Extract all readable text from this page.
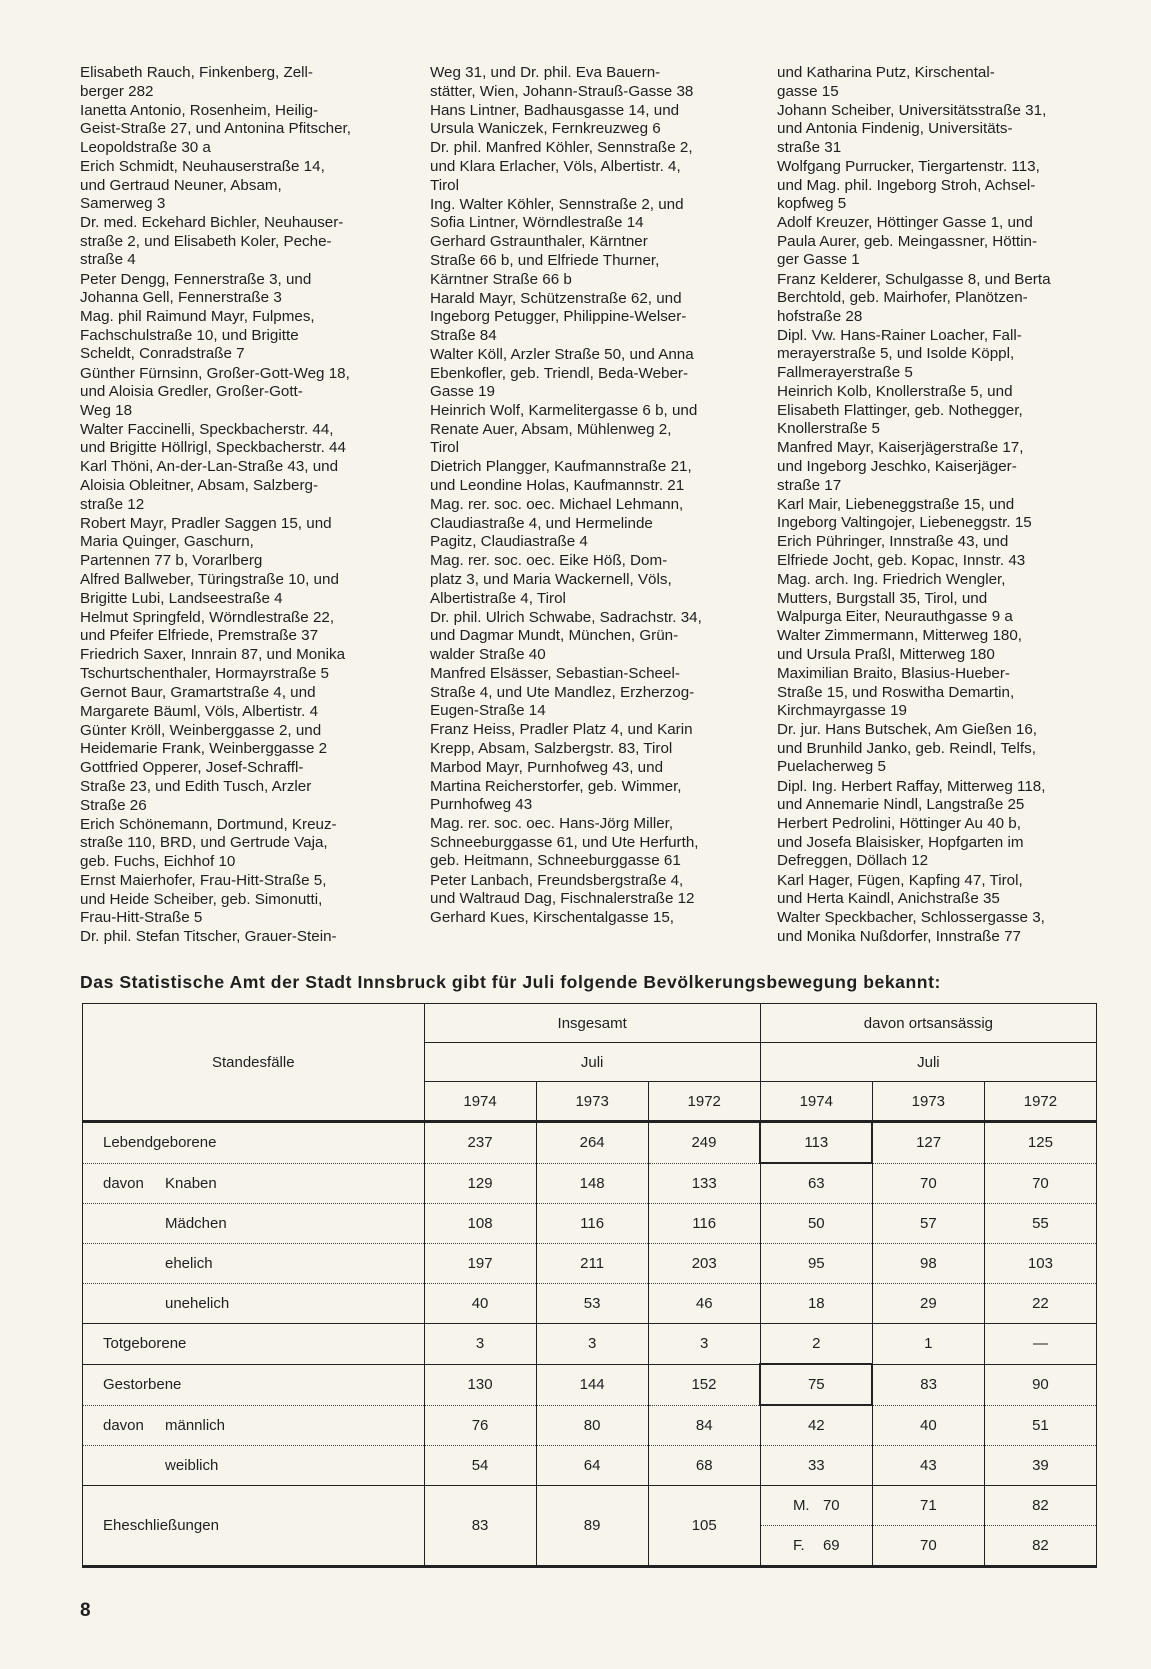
Elisabeth Rauch, Finkenberg, Zell-
berger 282

Ianetta Antonio, Rosenheim, Heilig-
Geist-Straße 27, und Antonina Pfitscher,
Leopoldstraße 30 a

Erich Schmidt, Neuhauserstraße 14,
und Gertraud Neuner, Absam,
Samerweg 3

Dr. med. Eckehard Bichler, Neuhauser-
straße 2, und Elisabeth Koler, Peche-
straße 4

Peter Dengg, Fennerstraße 3, und
Johanna Gell, Fennerstraße 3

Mag. phil Raimund Mayr, Fulpmes,
Fachschulstraße 10, und Brigitte
Scheldt, Conradstraße 7

Günther Fürnsinn, Großer-Gott-Weg 18,
und Aloisia Gredler, Großer-Gott-
Weg 18

Walter Faccinelli, Speckbacherstr. 44,
und Brigitte Höllrigl, Speckbacherstr. 44

Karl Thöni, An-der-Lan-Straße 43, und
Aloisia Obleitner, Absam, Salzberg-
straße 12

Robert Mayr, Pradler Saggen 15, und
Maria Quinger, Gaschurn,
Partennen 77 b, Vorarlberg

Alfred Ballweber, Türingstraße 10, und
Brigitte Lubi, Landseestraße 4

Helmut Springfeld, Wörndlestraße 22,
und Pfeifer Elfriede, Premstraße 37

Friedrich Saxer, Innrain 87, und Monika
Tschurtschenthaler, Hormayrstraße 5

Gernot Baur, Gramartstraße 4, und
Margarete Bäuml, Völs, Albertistr. 4

Günter Kröll, Weinberggasse 2, und
Heidemarie Frank, Weinberggasse 2

Gottfried Opperer, Josef-Schraffl-
Straße 23, und Edith Tusch, Arzler
Straße 26

Erich Schönemann, Dortmund, Kreuz-
straße 110, BRD, und Gertrude Vaja,
geb. Fuchs, Eichhof 10

Ernst Maierhofer, Frau-Hitt-Straße 5,
und Heide Scheiber, geb. Simonutti,
Frau-Hitt-Straße 5

Dr. phil. Stefan Titscher, Grauer-Stein-

Weg 31, und Dr. phil. Eva Bauern-
stätter, Wien, Johann-Strauß-Gasse 38

Hans Lintner, Badhausgasse 14, und
Ursula Waniczek, Fernkreuzweg 6

Dr. phil. Manfred Köhler, Sennstraße 2,
und Klara Erlacher, Völs, Albertistr. 4,
Tirol

Ing. Walter Köhler, Sennstraße 2, und
Sofia Lintner, Wörndlestraße 14

Gerhard Gstraunthaler, Kärntner
Straße 66 b, und Elfriede Thurner,
Kärntner Straße 66 b

Harald Mayr, Schützenstraße 62, und
Ingeborg Petugger, Philippine-Welser-
Straße 84

Walter Köll, Arzler Straße 50, und Anna
Ebenkofler, geb. Triendl, Beda-Weber-
Gasse 19

Heinrich Wolf, Karmelitergasse 6 b, und
Renate Auer, Absam, Mühlenweg 2,
Tirol

Dietrich Plangger, Kaufmannstraße 21,
und Leondine Holas, Kaufmannstr. 21

Mag. rer. soc. oec. Michael Lehmann,
Claudiastraße 4, und Hermelinde
Pagitz, Claudiastraße 4

Mag. rer. soc. oec. Eike Höß, Dom-
platz 3, und Maria Wackernell, Völs,
Albertistraße 4, Tirol

Dr. phil. Ulrich Schwabe, Sadrachstr. 34,
und Dagmar Mundt, München, Grün-
walder Straße 40

Manfred Elsässer, Sebastian-Scheel-
Straße 4, und Ute Mandlez, Erzherzog-
Eugen-Straße 14

Franz Heiss, Pradler Platz 4, und Karin
Krepp, Absam, Salzbergstr. 83, Tirol

Marbod Mayr, Purnhofweg 43, und
Martina Reicherstorfer, geb. Wimmer,
Purnhofweg 43

Mag. rer. soc. oec. Hans-Jörg Miller,
Schneeburggasse 61, und Ute Herfurth,
geb. Heitmann, Schneeburggasse 61

Peter Lanbach, Freundsbergstraße 4,
und Waltraud Dag, Fischnalerstraße 12

Gerhard Kues, Kirschentalgasse 15,

und Katharina Putz, Kirschental-
gasse 15

Johann Scheiber, Universitätsstraße 31,
und Antonia Findenig, Universitäts-
straße 31

Wolfgang Purrucker, Tiergartenstr. 113,
und Mag. phil. Ingeborg Stroh, Achsel-
kopfweg 5

Adolf Kreuzer, Höttinger Gasse 1, und
Paula Aurer, geb. Meingassner, Höttin-
ger Gasse 1

Franz Kelderer, Schulgasse 8, und Berta
Berchtold, geb. Mairhofer, Planötzen-
hofstraße 28

Dipl. Vw. Hans-Rainer Loacher, Fall-
merayerstraße 5, und Isolde Köppl,
Fallmerayerstraße 5

Heinrich Kolb, Knollerstraße 5, und
Elisabeth Flattinger, geb. Nothegger,
Knollerstraße 5

Manfred Mayr, Kaiserjägerstraße 17,
und Ingeborg Jeschko, Kaiserjäger-
straße 17

Karl Mair, Liebeneggstraße 15, und
Ingeborg Valtingojer, Liebeneggstr. 15

Erich Pühringer, Innstraße 43, und
Elfriede Jocht, geb. Kopac, Innstr. 43

Mag. arch. Ing. Friedrich Wengler,
Mutters, Burgstall 35, Tirol, und
Walpurga Eiter, Neurauthgasse 9 a

Walter Zimmermann, Mitterweg 180,
und Ursula Praßl, Mitterweg 180

Maximilian Braito, Blasius-Hueber-
Straße 15, und Roswitha Demartin,
Kirchmayrgasse 19

Dr. jur. Hans Butschek, Am Gießen 16,
und Brunhild Janko, geb. Reindl, Telfs,
Puelacherweg 5

Dipl. Ing. Herbert Raffay, Mitterweg 118,
und Annemarie Nindl, Langstraße 25

Herbert Pedrolini, Höttinger Au 40 b,
und Josefa Blaisisker, Hopfgarten im
Defreggen, Döllach 12

Karl Hager, Fügen, Kapfing 47, Tirol,
und Herta Kaindl, Anichstraße 35

Walter Speckbacher, Schlossergasse 3,
und Monika Nußdorfer, Innstraße 77

Das Statistische Amt der Stadt Innsbruck gibt für Juli folgende Bevölkerungsbewegung bekannt:
Standesfälle	Insgesamt			davon ortsansässig		
	Juli			Juli		
	1974	1973	1972	1974	1973	1972
Lebendgeborene	237	264	249	113	127	125

davon Knaben	129	148	133	63	70	70
Mädchen	108	116	116	50	57	55
ehelich	197	211	203	95	98	103
unehelich	40	53	46	18	29	22
Totgeborene	3	3	3	2	1	—
Gestorbene	130	144	152	75	83	90

davon männlich	76	80	84	42	40	51
weiblich	54	64	68	33	43	39
Eheschließungen	83	89	105	M. 70	71	82
				F. 69	70	82
8
